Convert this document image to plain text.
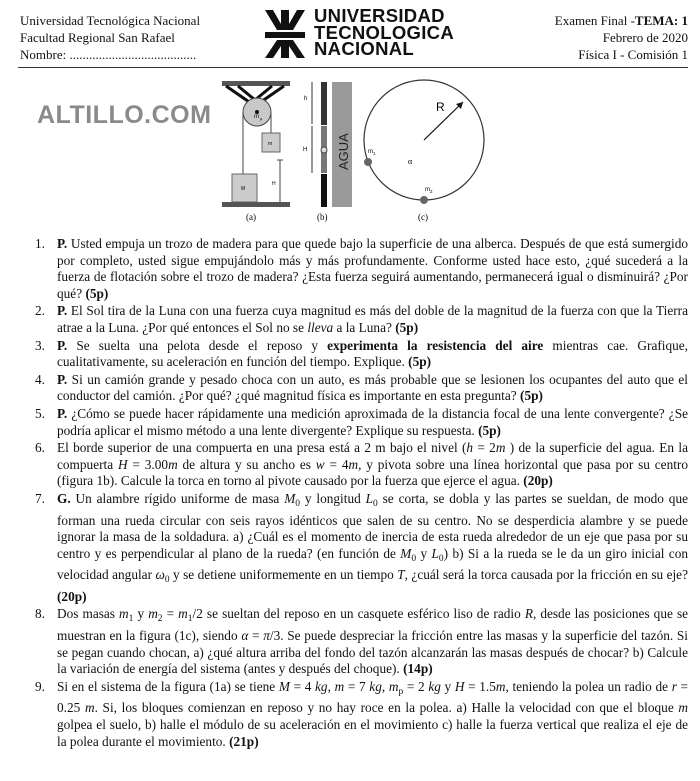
Universidad Tecnológica Nacional
Facultad Regional San Rafael
Nombre: .......................................
UNIVERSIDAD
TECNOLOGICA
NACIONAL
Examen Final -TEMA: 1
Febrero de 2020
Física I - Comisión 1
ALTILLO.COM	m p
m
M
H
(a)
h
H AGUA
(b)
R
m 1
m 2
α
(c)
1. P. Usted empuja un trozo de madera para que quede bajo la superficie de una alberca. Después de que está sumergido por completo, usted sigue empujándolo más y más profundamente. Conforme usted hace esto, ¿qué sucederá a la fuerza de flotación sobre el trozo de madera? ¿Esta fuerza seguirá aumentando, permanecerá igual o disminuirá? ¿Por qué? (5p)
2. P. El Sol tira de la Luna con una fuerza cuya magnitud es más del doble de la magnitud de la fuerza con que la Tierra atrae a la Luna. ¿Por qué entonces el Sol no se lleva a la Luna? (5p)
3. P. Se suelta una pelota desde el reposo y experimenta la resistencia del aire mientras cae. Grafique, cualitativamente, su aceleración en función del tiempo. Explique. (5p)
4. P. Si un camión grande y pesado choca con un auto, es más probable que se lesionen los ocupantes del auto que el conductor del camión. ¿Por qué? ¿qué magnitud física es importante en esta pregunta? (5p)
5. P. ¿Cómo se puede hacer rápidamente una medición aproximada de la distancia focal de una lente convergente? ¿Se podría aplicar el mismo método a una lente divergente? Explique su respuesta. (5p)
6. El borde superior de una compuerta en una presa está a 2 m bajo el nivel (h = 2m ) de la superficie del agua. En la compuerta H = 3.00m de altura y su ancho es w = 4m, y pivota sobre una línea horizontal que pasa por su centro (figura 1b). Calcule la torca en torno al pivote causado por la fuerza que ejerce el agua. (20p)
7. G. Un alambre rígido uniforme de masa $M_0$ y longitud $L_0$ se corta, se dobla y las partes se sueldan, de modo que forman una rueda circular con seis rayos idénticos que salen de su centro. No se desperdicia alambre y se puede ignorar la masa de la soldadura. a) ¿Cuál es el momento de inercia de esta rueda alrededor de un eje que pasa por su centro y es perpendicular al plano de la rueda? (en función de $M_0$ y $L_0$) b) Si a la rueda se le da un giro inicial con velocidad angular $\omega_0$ y se detiene uniformemente en un tiempo T, ¿cuál será la torca causada por la fricción en su eje? (20p)
8. Dos masas $m_1$ y $m_2 = m_1/2$ se sueltan del reposo en un casquete esférico liso de radio R, desde las posiciones que se muestran en la figura (1c), siendo α = π/3. Se puede despreciar la fricción entre las masas y la superficie del tazón. Si se pegan cuando chocan, a) ¿qué altura arriba del fondo del tazón alcanzarán las masas después de chocar? b) Calcule la variación de energía del sistema (antes y después del choque). (14p)
9. Si en el sistema de la figura (1a) se tiene M = 4 kg, m = 7 kg, $m_p = 2$ kg y H = 1.5m, teniendo la polea un radio de r = 0.25 m. Si, los bloques comienzan en reposo y no hay roce en la polea. a) Halle la velocidad con que el bloque m golpea el suelo, b) halle el módulo de su aceleración en el movimiento c) halle la fuerza vertical que realiza el eje de la polea durante el movimiento. (21p)
